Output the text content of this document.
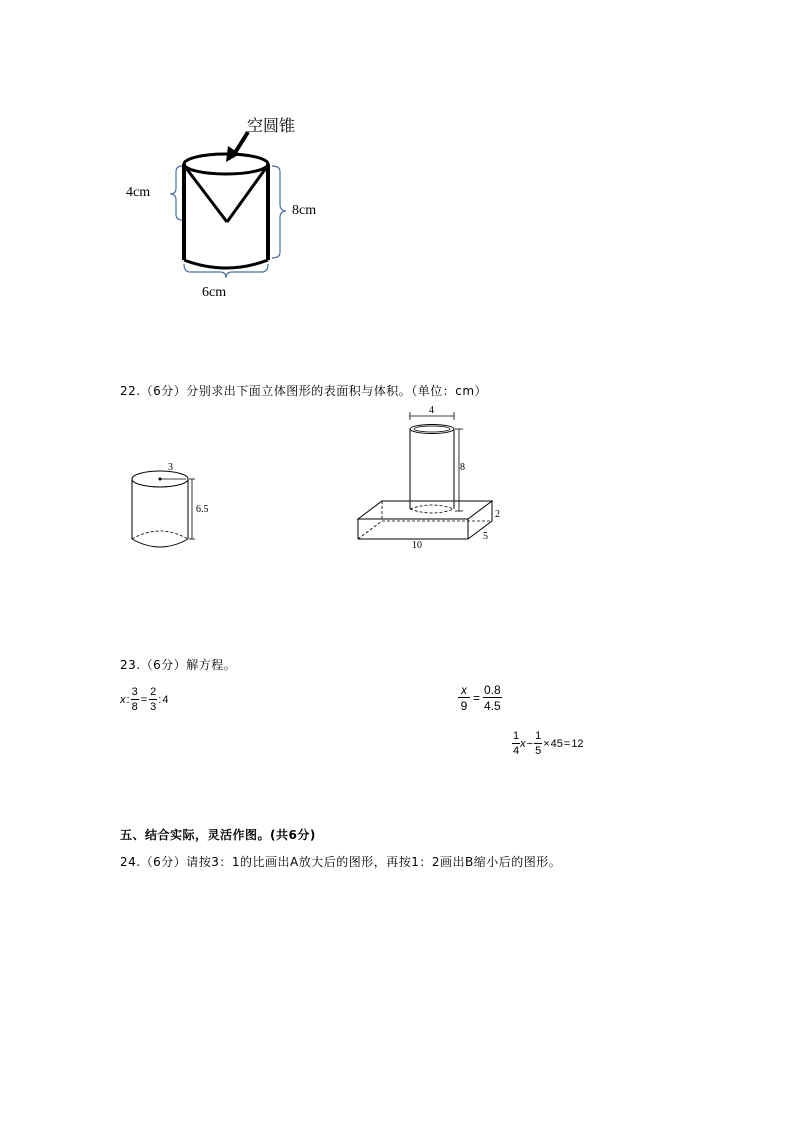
空圆锥
4cm
8cm
6cm
22.（6分）分别求出下面立体图形的表面积与体积。（单位：cm）
3
6.5
4
8
2
5
10
23.（6分）解方程。
x : $\frac{3}{8} = \frac{2}{3}$ : 4	$\frac{x}{9} = \frac{0.8}{4.5}$
$\frac{1}{4}$ $x - \frac{1}{5} \times 45 = 12$
五、结合实际，灵活作图。(共6分)
24.（6分）请按3：1的比画出A放大后的图形，再按1：2画出B缩小后的图形。
